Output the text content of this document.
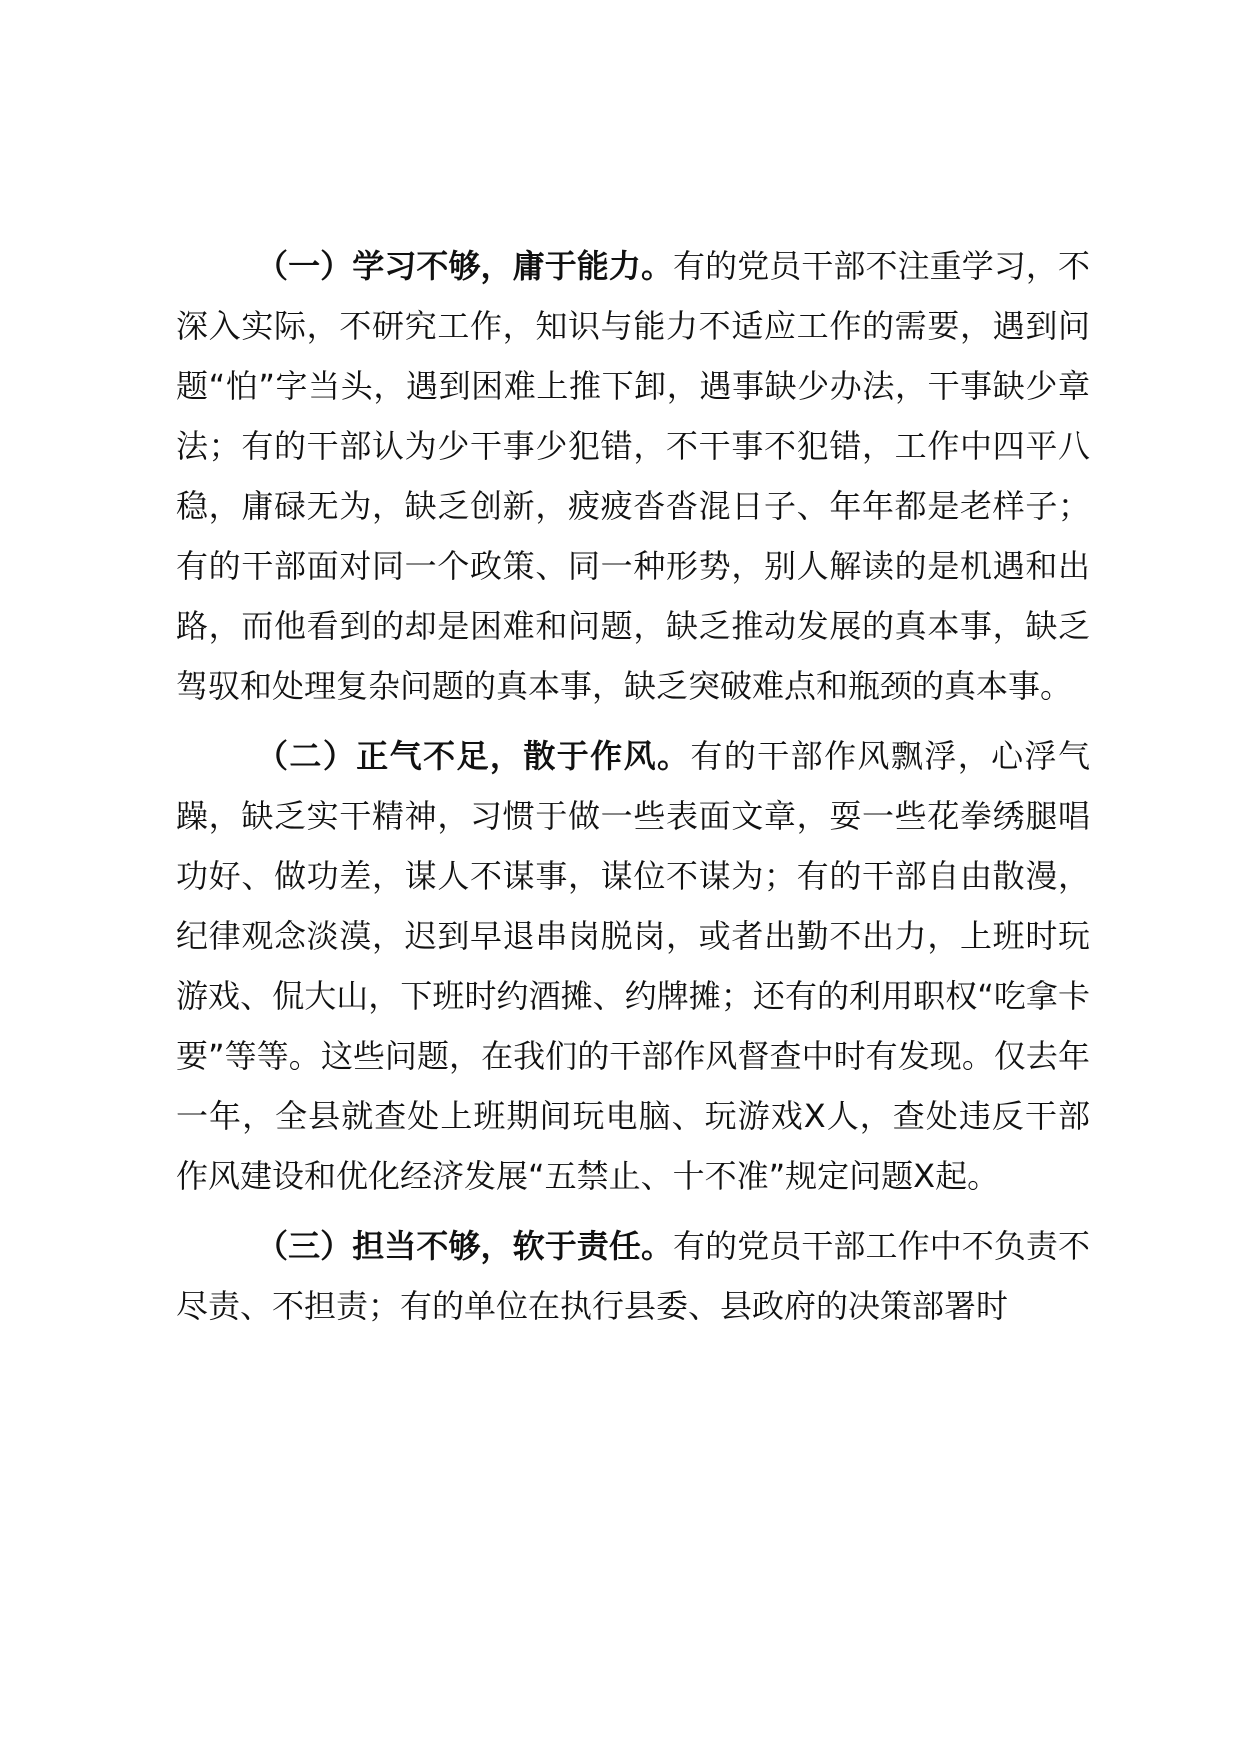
（一）学习不够，庸于能力。有的党员干部不注重学习，不深入实际，不研究工作，知识与能力不适应工作的需要，遇到问题“怕”字当头，遇到困难上推下卸，遇事缺少办法，干事缺少章法；有的干部认为少干事少犯错，不干事不犯错，工作中四平八稳，庸碌无为，缺乏创新，疲疲沓沓混日子、年年都是老样子；有的干部面对同一个政策、同一种形势，别人解读的是机遇和出路，而他看到的却是困难和问题，缺乏推动发展的真本事，缺乏驾驭和处理复杂问题的真本事，缺乏突破难点和瓶颈的真本事。

（二）正气不足，散于作风。有的干部作风飘浮，心浮气躁，缺乏实干精神，习惯于做一些表面文章，耍一些花拳绣腿唱功好、做功差，谋人不谋事，谋位不谋为；有的干部自由散漫，纪律观念淡漠，迟到早退串岗脱岗，或者出勤不出力，上班时玩游戏、侃大山，下班时约酒摊、约牌摊；还有的利用职权“吃拿卡要”等等。这些问题，在我们的干部作风督查中时有发现。仅去年一年，全县就查处上班期间玩电脑、玩游戏X人，查处违反干部作风建设和优化经济发展“五禁止、十不准”规定问题X起。

（三）担当不够，软于责任。有的党员干部工作中不负责不尽责、不担责；有的单位在执行县委、县政府的决策部署时
